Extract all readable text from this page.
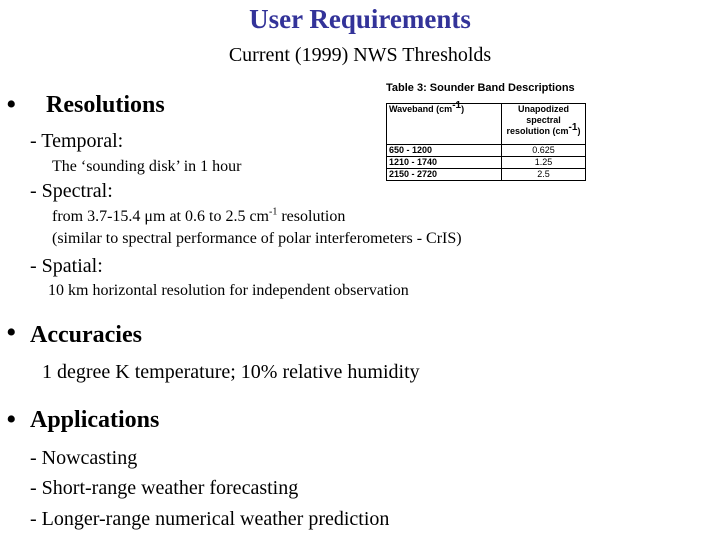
User Requirements
Current (1999) NWS Thresholds
• Resolutions
- Temporal:
The ‘sounding disk’ in 1 hour
- Spectral:
from 3.7-15.4 μm at 0.6 to 2.5 $cm^{-1}$ resolution
(similar to spectral performance of polar interferometers - CrIS)
- Spatial:
10 km horizontal resolution for independent observation
Table 3: Sounder Band Descriptions
Waveband $(cm^{-1})$	Unapodized
spectral
resolution $(cm^{-1})$
650 - 1200	0.625
1210 - 1740	1.25
2150 - 2720	2.5
• Accuracies
1 degree K temperature; 10% relative humidity
• Applications
- Nowcasting
- Short-range weather forecasting
- Longer-range numerical weather prediction
